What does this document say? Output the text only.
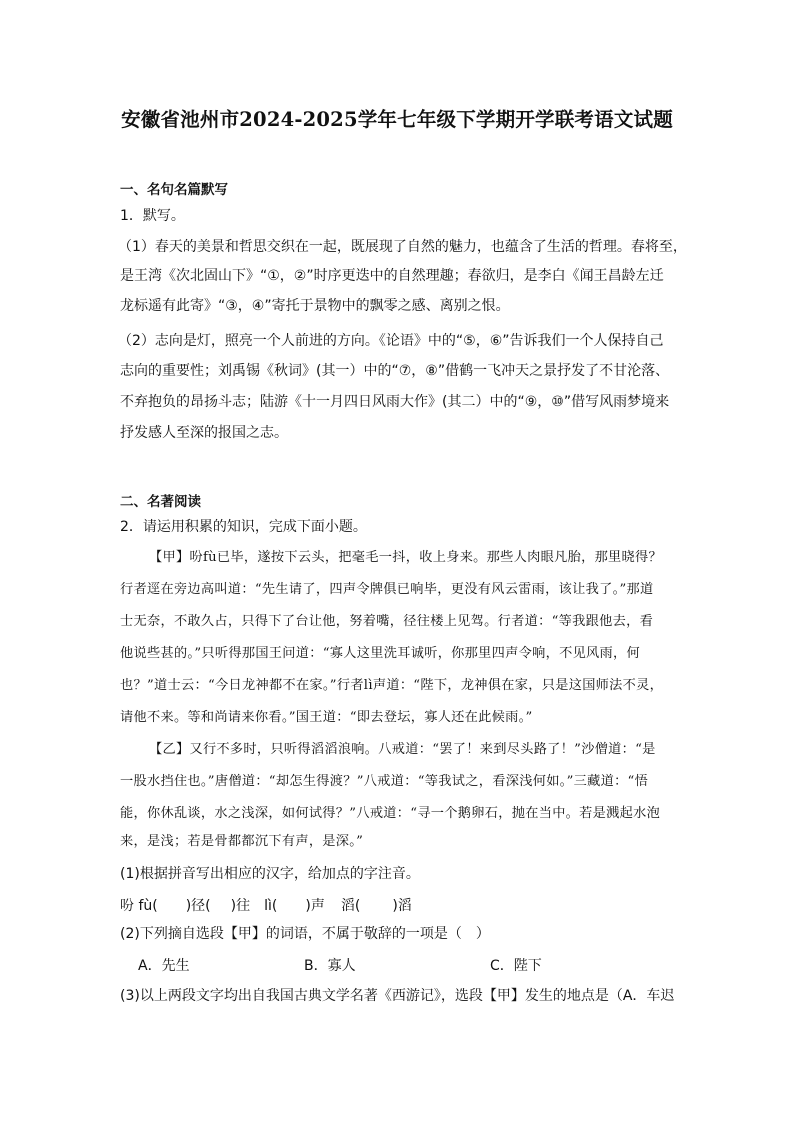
安徽省池州市2024-2025学年七年级下学期开学联考语文试题
一、名句名篇默写
1．默写。
（1）春天的美景和哲思交织在一起，既展现了自然的魅力，也蕴含了生活的哲理。春将至，
是王湾《次北固山下》“①，②”时序更迭中的自然理趣；春欲归，是李白《闻王昌龄左迁
龙标遥有此寄》“③，④”寄托于景物中的飘零之感、离别之恨。
（2）志向是灯，照亮一个人前进的方向。《论语》中的“⑤，⑥”告诉我们一个人保持自己
志向的重要性；刘禹锡《秋词》(其一）中的“⑦，⑧”借鹤一飞冲天之景抒发了不甘沦落、
不弃抱负的昂扬斗志；陆游《十一月四日风雨大作》(其二）中的“⑨，⑩”借写风雨梦境来
抒发感人至深的报国之志。
二、名著阅读
2．请运用积累的知识，完成下面小题。
【甲】吩fù已毕，遂按下云头，把毫毛一抖，收上身来。那些人肉眼凡胎，那里晓得？
行者逕在旁边高叫道：“先生请了，四声令牌俱已响毕，更没有风云雷雨，该让我了。”那道
士无奈，不敢久占，只得下了台让他，努着嘴，径往楼上见驾。行者道：“等我跟他去，看
他说些甚的。”只听得那国王问道：“寡人这里洗耳诚听，你那里四声令响，不见风雨，何
也？”道士云：“今日龙神都不在家。”行者lì声道：“陛下，龙神俱在家，只是这国师法不灵，
请他不来。等和尚请来你看。”国王道：“即去登坛，寡人还在此候雨。”
【乙】又行不多时，只听得滔滔浪响。八戒道：“罢了！来到尽头路了！”沙僧道：“是
一股水挡住也。”唐僧道：“却怎生得渡？”八戒道：“等我试之，看深浅何如。”三藏道：“悟
能，你休乱谈，水之浅深，如何试得？”八戒道：“寻一个鹅卵石，抛在当中。若是溅起水泡
来，是浅；若是骨都都沉下有声，是深。”
(1)根据拼音写出相应的汉字，给加点的字注音。
吩 fù( )径( )往 lì( )声 滔( )滔
(2)下列摘自选段【甲】的词语，不属于敬辞的一项是（　）
A．先生	B．寡人	C．陛下
(3)以上两段文字均出自我国古典文学名著《西游记》，选段【甲】发生的地点是（A．车迟
